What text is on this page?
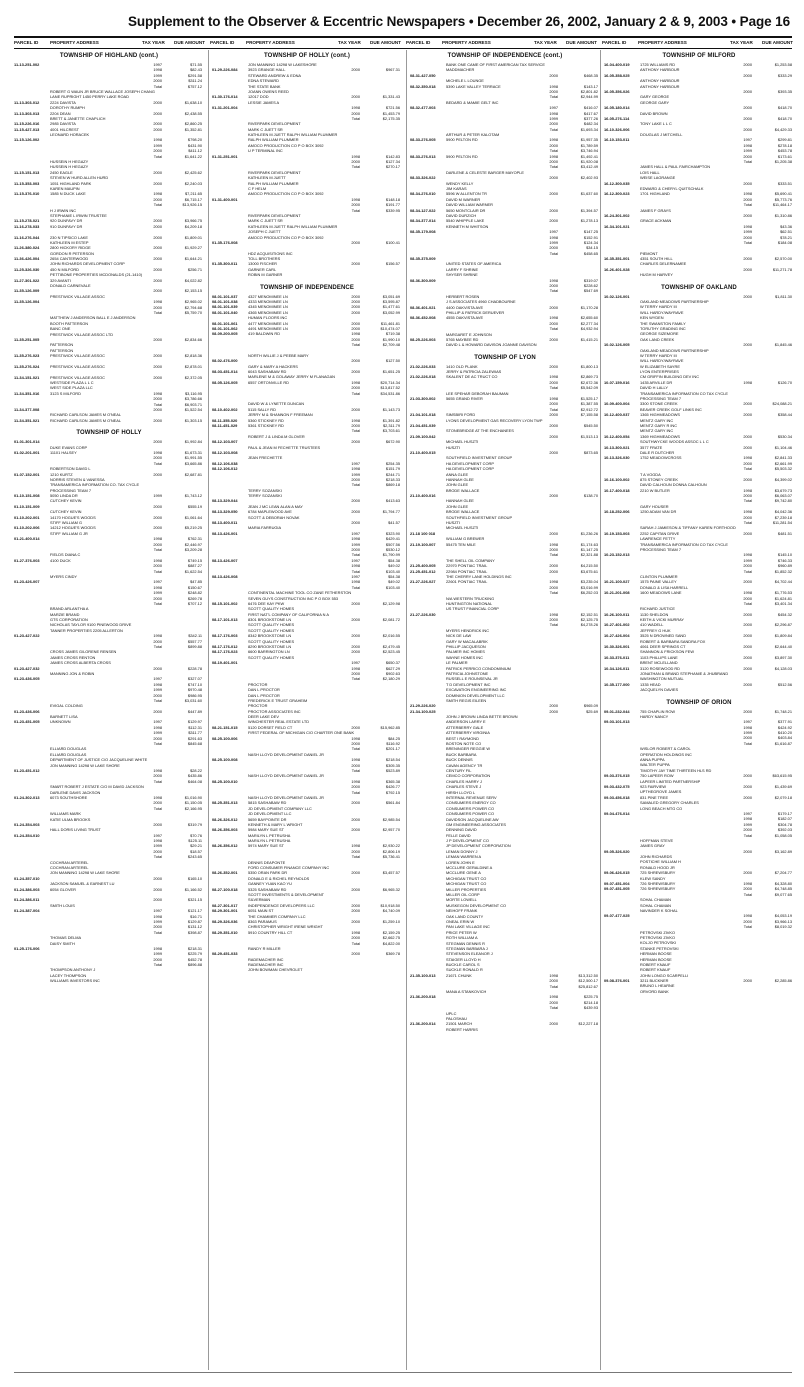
Supplement to the Observer & Eccentric Newspapers • December 26, 2002, January 2 & 9, 2003 • Page 16
PARCEL ID	PROPERTY ADDRESS	TAX YEAR DUE AMOUNT PARCEL ID	PROPERTY ADDRESS	TAX YEAR DUE AMOUNT PARCEL ID	PROPERTY ADDRESS	TAX YEAR DUE AMOUNT PARCEL ID	PROPERTY ADDRESS	TAX YEAR DUE AMOUNT
TOWNSHIP OF HIGHLAND (cont.)
11-13-251-002	1997	$71.55
1998	$82.43
1999	$291.58
2000	$311.24
Total	$757.12
ROBERT G WAUN JR BRUCE WALLACE JOSEPH CHANG
LANE RUPRIGHT 1450 PERRY LAKE ROAD
11-13-303-012	2224 DAVISTA	2000	$1,638.10
DOROTHY RUMPH
11-13-303-013	2204 DEAN	2000	$2,438.55
BRETT & JANETTE CHAPLICH
11-15-226-016	2985 DAVISTA	2000	$2,860.25
11-15-427-013	4001 HILCREST	2000	$1,352.81
LEONARD HORACEK
11-15-126-002	1998	$798.20
1999	$431.90
2000	$411.12
Total	$1,641.22
HUSSEIN H HEGAZY
HUSSEIN H HEGAZY
11-15-151-013	2450 EAGLE	2000	$2,425.62
STEVEN W HURD ALLEN HURD
11-15-353-003	1051 HIGHLAND PARK	2000	$2,240.03
KAREN MAUPIN
11-15-376-010	1585 N DUCK LAKE	1998	$7,211.65
2000	$6,715.17
Total	$13,926.15
H J IRWIN INC
STEPHANIE L IRWIN TRUSTEE
11-15-278-021	920 DUNFAVY DR	2000	$3,966.75
11-16-278-033	910 DUNFAVY DR	2000	$4,209.18
11-16-276-044	230 N TIPSICO LAKE	2000	$1,809.01
KATHLEEN M ESTEP
11-26-380-024	2800 HICKORY RIDGE	2000	$1,929.27
GORDON R PETERSON
11-36-426-004	2654 CANTERWOOD	2000	$1,644.21
JOHN RICHARDS DEVELOPMENT CORP
11-25-326-030	450 N MILFORD	2000	$256.71
PETTIBONE PROPERTIES MCDONALDS (21-1410)
11-27-301-022	329 AVANTI	2000	$4,022.82
DONALD CARNEVALE
11-35-126-009	2000	$2,153.15
PRESTWICK VILLAGE ASSOC
11-35-126-004	1998	$2,965.02
2000	$2,794.68
Total	$5,759.70
MATTHEW J ANDERSON BALL E J ANDERSON
BOOTH PATTERSON
BANC ONE
PRESTWICK VILLAGE ASSOC LTD
11-35-251-005	2000	$2,834.66
PATTERSON
PATTERSON
11-35-276-023	PRESTWICK VILLAGE ASSOC	2000	$2,818.36
11-35-276-024	PRESTWICK VILLAGE ASSOC	2000	$2,878.01
11-34-151-021	PRESTWICK VILLAGE ASSOC	2000	$2,372.05
WESTSIDE PLAZA L L C
WEST SIDE PLAZA LLC
11-34-351-016	3123 S MILFORD	1998	$3,116.95
2000	$3,786.66
Total	$6,903.71
11-34-377-008	2000	$1,522.54
RICHARD CARLSON JAMES M O'NEAL
11-34-351-021	RICHARD CARLSON JAMES M O'NEAL	2000	$1,303.15
TOWNSHIP OF HOLLY
01-01-301-014	2000	$1,992.84
DUKE EVANS CORP
01-02-201-001	11101 HALSEY	1998	$1,673.31
2000	$1,991.55
Total	$3,665.86
ROBERTSON DAVID L
01-07-152-001	1210 KURTZ	2000	$2,687.81
NORRIS STEVEN & VANESSA
TRANSAMERICA INFORMATION CO. TAX CYCLE
PROCESSING TEAM 7
01-10-151-008	5050 LINDA DR	1999	$1,743.12
CUTCHEY KEVIN
01-10-151-009	2000	$555.19
CUTCHEY KEVIN
01-10-202-001	14170 HOGUE'S WOODS	2000	$1,061.64
STIFF WILLIAM G
01-10-202-006	14212 HOGUE'S WOODS	2000	$5,219.25
STIFF WILLIAM G JR
01-21-400-014	1998	$762.31
2000	$2,446.97
Total	$3,209.28
FIELDS DIANA C
01-27-376-003	4100 DUCK	1998	$749.15
2000	$887.27
Total	$1,622.54
MYERS CINDY
01-23-426-007	1997	$47.85
1998	$150.67
1999	$248.82
2000	$269.78
Total	$707.12
BRAND ARLANTHA A
MARZIE BRAND
GTS CORPORATION
NICHOLAS TAYLOR 9100 PINEWOOD DRIVE
TANNER PROPERTIES 2205 ALLERTON
01-23-427-022	1998	$342.11
2000	$557.77
Total	$899.88
CROSS JAMES G/LORENE RENSEN
JAMES CROSS RENTON
JAMES CROSS ALBERTA CROSS
01-23-427-032	2000	$228.78
MANNING JON & ROBIN
01-23-436-005	1997	$327.07
1998	$747.10
1999	$970.48
2000	$986.95
Total	$3,031.60
EVIGAL COLDING
01-23-436-006	2000	$447.89
BARNETT LISA
01-23-451-005	UNKNOWN	1997	$129.97
1998	$112.31
1999	$311.77
2000	$291.63
Total	$845.68
ELLIARD DOUGLAS
ELLIARD DOUGLAS
DEPARTMENT OF JUSTICE C/O JACQUELINE WHITE
JON MANNING 14298 W LAKE SHORE
01-23-451-012	1998	$28.22
2000	$435.86
Total	$464.08
SMART ROBERT J ESTATE C/O M DAVID JACKSON
DARLENE DAVIS JACKSON
01-24-302-013	6073 SOUTHSHORE	1998	$1,016.90
2000	$1,150.05
Total	$2,166.95
WILLIAMS MARK
KATIE ULMA BROOKS
01-24-354-003	2000	$319.79
HALL DORIS LIVING TRUST
01-24-354-010	1997	$70.76
1998	$125.11
1999	$29.21
2000	$18.57
Total	$243.65
COCHRAN ARTEREL
COCHRAN ARTEREL
JON MANNING 14298 W LAKE SHORE
01-24-357-010	2000	$165.10
JACKSON SAMUEL & EARNEST LU
01-24-386-003	6054 GLOVER	2000	$1,166.52
01-24-386-011	2000	$321.15
SMITH LOUIS
01-24-387-004	1997	$121.17
1998	$16.71
1999	$129.87
2000	$131.12
Total	$398.87
THOMAS DELMA
DAISY SMITH
01-25-176-006	1998	$218.31
1999	$225.79
2000	$452.78
Total	$896.88
THOMPSON ANTHONY J
LACEY THOMPSON
WILLIAMS INVESTORS INC
TOWNSHIP OF HOLLY (cont.)
JON MANNING 14298 W LAKESHORE
01-29-226-084	3923 GRANGE HALL	2000	$967.31
STEWARD ANDREW & EDNA
EDNA STEWARD
THE STATE BANK
JOANN OWENS REED
01-30-176-014	12017 DOD	2000	$1,331.43
LESSIE JAMES A
01-31-201-004	1998	$721.56
2000	$1,453.79
Total	$2,175.35
RIVERPARK DEVELOPMENT
MARK C JUETT SR
KATHLEEN M JUETT RALPH WILLIAM PLUMMER
RALPH WILLIAM PLUMMER
AMOCO PRODUCTION CO P O BOX 3092
U P TERMINAL INC
01-31-251-001	1998	$142.83
2000	$127.34
Total	$270.17
RIVERPARK DEVELOPMENT
KATHLEEN M JUETT
RALPH WILLIAM PLUMMER
C F HELM
AMOCO PRODUCTION CO P O BOX 3092
01-31-400-001	1998	$148.18
2000	$191.77
Total	$339.95
RIVERPARK DEVELOPMENT
MARK C JUETT SR
KATHLEEN M JUETT RALPH WILLIAM PLUMMER
JOSEPH C JUETT
AMOCO PRODUCTION CO P O BOX 3092
01-35-176-008	2000	$100.41
HDZ ACQUISITIONS INC
TOLL BROTHERS
01-35-300-011	13000 FISCHER	2000	$156.57
GARNER CARL
ROBIN M GARNER
TOWNSHIP OF INDEPENDENCE
08-01-101-037	4327 MENOMINEE LN	2000	$3,051.69
08-01-101-038	4333 MENOMINEE LN	2000	$3,595.87
08-01-101-039	4345 MENOMINEE LN	2000	$1,477.61
08-01-101-040	4365 MENOMINEE LN	2000	$3,052.99
HUMAN FLOORS INC
08-01-101-061	4477 MENOMINEE LN	2000	$11,461.81
08-01-101-062	4491 MENOMINEE LN	2000	$10,474.07
08-09-200-005	419 BALDWIN RD	1998	$719.38
2000	$1,990.10
Total	$2,709.48
NORTH WILLIE J & PEEBE MARY
08-02-476-000	2000	$127.50
GARY & MARY A HACKERS
08-03-451-014	6043 SASHABAW RD	2000	$1,651.25
MARLENE M & GOLAWAY JERRY M FLANAGAN
08-05-126-005	6557 ORTONVILLE RD	1998	$20,714.34
2000	$13,817.52
Total	$34,531.86
DAVID W & LYNETTE DUNCAN
08-10-402-002	5115 SALLY RD	2000	$1,143.73
JERRY M & SHANNON F FREEMAN
08-11-355-020	5360 STICKNEY RD	1998	$1,391.82
08-11-451-029	5361 STICKNEY RD	2000	$2,311.79
Total	$3,703.61
ROBERT J & LINDA M GLOVER
08-12-103-007	2000	$672.90
PAUL & JEAN M FECHETTE TRUSTEES
08-12-103-008
JEAN FRECHETTE
08-12-106-038	1997	$254.35
08-12-106-012	1998	$151.79
1999	$244.71
2000	$218.33
Total	$869.18
TERRY SOZANSKI
TERRY SOZANSKI
08-13-329-044	2000	$413.63
JEAN J MC LEAN ALAN A MAY
08-13-329-050	6784 MAPLEWOOD AVE	2000	$1,794.77
SCOTT & DEBORAH NOVAK
08-13-400-011	2000	$41.57
MARIA FARRUGIA
08-13-426-001	1997	$323.90
1998	$429.41
1999	$507.56
2000	$530.12
Total	$1,790.99
08-13-426-007	1997	$54.38
1998	$49.02
Total	$103.40
08-13-426-008	1997	$54.38
1998	$49.02
Total	$103.40
CONTINENTAL MACHINE TOOL CO ZANE FETHERSTON
SEVEN GUYS CONSTRUCTION INC P O BOX 553
08-15-101-002	6476 DEE KAY PKW	2000	$2,129.98
SCOTT QUALITY HOMES
FIRST NAT'L COMPANY OF CALIFORNIA N A
08-17-101-013	8301 BROOKSTONE LN	2000	$2,081.72
SCOTT QUALITY HOMES
SCOTT QUALITY HOMES
08-17-176-003	8342 BROOKSTONE LN	2000	$2,016.55
SCOTT QUALITY HOMES
08-17-176-012	8290 BROOKSTONE LN	2000	$2,479.45
08-17-176-023	6600 BARRINGTON LN	2000	$2,523.45
SCOTT QUALITY HOMES
08-19-401-001	1997	$650.37
1998	$627.29
2000	$902.63
Total	$2,180.29
PROCTOR
DAN L PROCTOR
DAN L PROCTOR
FREDERICK E TRUST GRAHEIM
PROCTOR
PROCTOR ASSOCIATES INC
DEER LAKE DEV
WINCHESTER REAL ESTATE LTD
08-21-151-015	5120 DORSET FIELD CT	2000	$15,962.85
FIRST FEDERAL OF MICHIGAN C/O CHARTER ONE BANK
08-25-100-006	1998	$84.25
2000	$116.92
Total	$201.17
NASH LLOYD DEVELOPMENT DANIEL JR
08-25-100-008	1998	$218.54
2000	$305.35
Total	$523.89
NASH LLOYD DEVELOPMENT DANIEL JR
08-25-100-010	1998	$365.38
2000	$426.77
Total	$792.15
NASH LLOYD DEVELOPMENT DANIEL JR
08-25-351-013	5815 SASHABAW RD	2000	$561.84
JD DEVELOPMENT COMPANY LLC
JD DEVELOPMENT LLC
08-26-326-012	5659 BAYPOINTE DR	2000	$2,985.54
KENNETH & MARY L WRIGHT
08-26-356-003	5984 MARY SUE ST	2000	$2,957.70
MARILYN L PETRUSHA
MARILYN L PETRUSHA
08-26-356-012	5974 MARY SUE ST	1998	$2,930.22
2000	$2,806.19
Total	$5,736.41
DENNIS DEAPONTE
FORD CONSUMER FINANCE COMPANY INC
08-26-352-001	5350 ORAN PARK DR	2000	$3,457.57
DONALD E & RICHEL REYNOLDS
GANNEY YUAN KAO YU
08-27-100-018	5325 SASHABAW RD	2000	$6,965.32
SCOTT INVESTMENTS & DEVELOPMENT
SILVERMAN
08-27-301-017	INDEPENDENCE DEVELOPERS LLC	2000	$10,918.50
08-29-301-001	6051 MAIN ST	2000	$4,740.09
THE CHAMMER COMPANY LLC
08-29-326-036	8363 PARAMUS	2000	$1,259.10
CHRISTOPHER WRIGHT IRENE WRIGHT
08-29-351-010	5910 COUNTRY HILL CT	1998	$2,159.25
2000	$2,662.75
Total	$4,822.00
RANDY R MILLER
08-29-451-033	2000	$369.78
RADEMACHER INC
RADEMACHER INC
JOHN BOWMAN CHEVROLET
TOWNSHIP OF INDEPENDENCE (cont.)
BANK ONE CAME OF FIRST AMERICAN TAX SERVICE
MADDMACHER
08-31-427-050	2000	$468.35
MICHELE L LOUNGE
08-32-350-018	5390 LAKE VALLEY TERRACE	1998	$143.17
2000	$2,801.82
Total	$2,944.99
BEDARD & MAMIE GELT INC
08-32-477-003	1997	$416.07
1998	$417.67
1999	$377.26
2000	$482.34
Total	$1,693.34
ARTHUR & PETER KALOTAM
08-33-276-005	5900 PELTON RD	1998	$1,957.35
2000	$1,789.59
Total	$3,746.94
08-33-276-013	5900 PELTON RD	1998	$1,492.41
2000	$1,920.08
Total	$3,412.49
DARLENE & CELESTE BARGER MAYOPLE
08-33-326-022	2000	$2,402.93
WENDY KELLY
JIM KARAS
08-34-276-010	5596 W ALLENTON TR	2000	$1,637.60
DAVID M WARNER
DAVID WILLIAM WARNER
08-34-127-022	5650 MONTCLAIR DR	2000	$1,394.57
DAVID DURZICH
08-34-377-014	5540 WHIPPLE LAKE	2000	$1,278.13
KENNETH M WHITSON
08-35-179-008	1997	$147.25
1998	$152.91
1999	$124.34
2000	$34.15
Total	$458.65
08-35-375-009
UNITED STATES OF AMERICA
LARRY F SHRINE
SHYSER SHRINE
08-36-300-009	1998	$319.07
2000	$228.62
Total	$547.69
HERBERT ROSEN
J S ASSOCIATES 4960 CHADBOURNE
08-36-401-021	4400 OAKVISTA AVE	2000	$1,170.28
PHILLIP & PATRICK DERUEVER
08-36-452-008	4555 OAKVISTA AVE	1998	$2,655.60
2000	$2,277.34
Total	$4,932.94
MARGARET E JOHNSON
08-25-226-003	5765 MAYBEE RD	2000	$1,415.21
DAVID L & HOWARD DAVISON JOANNE DAVISON
TOWNSHIP OF LYON
21-02-226-033	1410 OLD PLANK	2000	$1,800.13
JERRY & PATRICIA ZALEWIAS
21-02-226-018	SKALENT DE AC TRUCT CO	1998	$2,869.73
2000	$2,672.36
Total	$5,542.09
LEE SPEHAR DEBORAH BAUMAN
21-03-300-002	5655 GRAND RIVER	1998	$1,525.17
2000	$1,387.55
Total	$2,912.72
21-04-101-018	SIMSBIRI FORD	2000	$7,155.58
LYONS DEVELOPMENT GAS RECOVERY LYON TWP
21-04-451-039	2000	$545.50
STONEBRIDGE AT THE ENCHANEES
21-09-100-042	2000	$1,513.13
MICHAEL HUSZTI
HUSZTI
21-10-400-015	2000	$873.65
SOUTHFIELD INVESTMENT GROUP
HA DEVELOPMENT CORP
HA DEVELOPMENT CORP
ANNA GLEE
HANNAH GLEE
JOHN GLEE
BRODE WALLACE
21-10-400-016	2000	$138.70
HANNAH GLEE
JOHN GLEE
BRODE WALLACE
SOUTHFIELD INVESTMENT GROUP
HUSZTI
MICHAEL HUSZTI
21-18 100 018	2000	$1,236.26
WILLIAM G BREWER
21-19-100-007	55475 TEN MILE	1998	$1,174.63
2000	$1,147.25
Total	$2,321.88
THE SHELL OIL COMPANY
21-25-400-005	22970 PONTIAC TRAIL	2000	$4,215.50
21-25-451-012	22984 PONTIAC TRAIL	2000	$3,675.61
THE CHERRY LANE HOLDINGS INC
21-27-226-027	22601 PONTIAC TRAIL	1998	$3,235.04
2000	$3,016.99
Total	$6,252.03
N/A WESTERN TRUCKING
HUNTINGTON NATIONAL
US TRUST FINANCIAL CORP
21-27-226-030	1998	$2,152.51
2000	$2,125.75
Total	$4,278.26
MYERS HENDRICK INC
NICK DE LAW
GARY W MACALABRIK
PHILLIP JACQUESON
PALMER INC HOMES
WAYNE HOMES INC
LE PALMER
PATRICK PERRICO CONDOMINIUM
PATRICIA JOHNSTONE
RUSSELL E ROUNSEVAL JR
T D DEVELOPMENT INC
EXCAVATION ENGINEERING INC
DOMINION DEVELOPMENT LLC
SMITH REGIS EILEEN
21-29-226-020	2000	$965.09
21-34-100-025	2000	$25.69
JOHN J BROWN LINDA BETTE BROWN
ANDERSON LARRY E
ATTERBERRY GALE
ATTERBERRY VIRGINIA
BEST I RAYMOND
BOSTON NOTE CO
BRENINGER REGGIE W
BUCK BARBARA
BUCK DENNIS
CAVAN AGENCY TR
CENTURY FIL
CEMCO CORPORATION
CHARLES HARRY J
CHARLES STEVE J
HIRSH LLOYD L
INTERNAL REVENUE SERV
CONSUMERS ENERGY CO
CONSUMERS POWER CO
CONSUMERS POWER CO
DAVIDSON JACQUELINE AW
GM ENGINEERING ASSOCIATES
DENNING DAVID
FELLE DAVID
J P DEVELOPMENT CO
JP DEVELOPMENT CORPORATION
LEMAN DONNY J
LEMAN WARREN A
LOREN JOHN E
MCCLURE GERALDINE A
MCCLURE GENE A
MICHIGAN TRUST CO
MICHIGAN TRUST CO
MILLER PROPERTIES
MILLER OIL CORP
MORTE LOWELL
MUSKEGON DEVELOPMENT CO
NEIHOFF FRANK
OAK LAND COUNTY
ONEAL ERIN W
PAN LAKE VILLAGE INC
PRICE PETER W
ROTH WILLIAM A
STEGMAN DENNIS R
STEGMAN BARBARA J
STEVENSON ELEANOR J
STAIGER LLOYD H
BUCKLE CAROL S
SUCKLE RONALD R
21-35-100-013	21671 CHUNK	1998	$13,312.50
2000	$12,500.17
Total	$25,812.67
MANA A STANKOVICH
21-36-200-018	1998	$225.75
2000	$214.18
Total	$439.93
UPLC
PALOSHAU
21-36-200-014	21501 MARCH	2000	$12,227.18
ROBERT HARRIS
TOWNSHIP OF MILFORD
16-04-400-019	1725 WILLIAMS RD	2000	$1,253.58
ANTHONY HARBOUR
16-05-358-025	2000	$333.29
ANTHONY HARBOUR
ANTHONY HARBOUR
16-05-356-026	2000	$393.35
GARY GEORGE
GEORGE GARY
16-05-180-014	2000	$418.70
DAVID BROWN
16-05-276-114	2000	$418.70
TONY LAKE L L C
16-10-326-006	2000	$4,429.33
DOUGLAS J MITCHELL
16-10-153-011	1997	$299.81
1998	$278.18
1999	$453.78
2000	$173.61
Total	$1,205.38
JAMES HALL & PAUL FAIRCHAMPTON
LOIS HALL
WEISE LAGRANGE
16-12-300-035	2000	$333.51
EDWARD & CHERYL QUITSCHALK
16-12-300-023	1701 HIGHLAND	1998	$5,690.41
2000	$5,773.76
Total	$11,464.17
JAMES F GRAYS
16-24-301-002	2000	$1,310.86
GRACE ACKMAN
16-34-101-021	1998	$43.36
1999	$62.51
2000	$78.21
Total	$184.08
PIEMONT
16-35-351-001	4351 SOUTH HILL	2000	$2,570.00
CHARLES DELERNAMEE
16-26-401-028	2000	$11,271.78
HUGH M HARVEY
TOWNSHIP OF OAKLAND
10-02-126-001	2000	$1,811.30
OAKLAND MEADOWS PARTNERSHIP
W TERRY HARDY III
WILL HARDY/WAYRAVE
KEN WYDEN
THE SWANSTON FAMILY
TORUTHY GRADING INC
GEORGE SIZEMORE
OAK LAND CREEK
10-02-126-005	2000	$1,845.46
OAKLAND MEADOWS PARTNERSHIP
W TERRY HARDY III
WILL HARDY/WAYRAVE
W ELIZABETH SAYRE
LYON ENTERPRISES
CM GRIFFIN BUILDING DEV INC
10-07-159-016	1435 ARVILLE DR	1998	$126.70
DAVID H LALLY
TRANSAMERICA INFORMATION CO TAX CYCLE
PROCESSING TEAM 7
10-09-400-004	3300 STONE CREEK	2000	$24,088.21
BEAVER CREEK GOLF LINKS INC
10-12-400-037	1365 HIGHMEADOWS	2000	$358.44
MENTZ GARY INC
MENTZ GARY R INC
MENTZ GARY INC
10-12-400-054	1369 HIGHMEADOWS	2000	$530.34
SOUTHWYCKE WOODS ASSOC L L C
10-13-300-021	3577 FRATE	2000	$1,104.46
DALE R DUTCHER
10-13-326-030	1752 MEADOWCROSS	1998	$2,841.33
2000	$2,661.99
Total	$5,503.32
T A VOGDA
10-16-100-002	875 STONEY CREEK	2000	$4,399.02
DAVID CALHOUN DONNA CALHOUN
10-17-400-018	2210 W BUTLER	1998	$3,679.73
2000	$6,063.07
Total	$9,742.80
GARY HOUSER
10-18-252-006	1250 ADAM VAN DR	1998	$4,042.36
2000	$7,239.18
Total	$11,281.54
SARAH J JAMIESON & TIFFANY KAREN FORTHOOD
10-19-153-003	2252 CAPITAN DRIVE	2000	$481.51
LAWRENCE FETTY
TRANSAMERICA INFORMATION CO TAX CYCLE
PROCESSING TEAM 7
10-23-152-013	1998	$145.10
1999	$746.33
2000	$960.89
Total	$1,852.32
CLINTON PLUMMER
10-21-100-027	1575 PAINE VALLEY	2000	$4,702.44
DONALD & LISA HARRELL
10-21-201-008	1600 MEADOWS LANE	1998	$1,776.53
2000	$1,624.81
Total	$3,401.34
RICHARD JUSTICE
10-26-100-011	1130 SHELDON	2000	$454.32
KEITH & VICKI MURRAY
10-27-401-002	410 WADELL	2000	$2,296.87
JEFFREY G HUK
10-27-426-004	3525 N DROWNED SAND	2000	$1,809.84
ROBERT & BARBARA SANDRA FOX
10-30-326-001	4061 DEER SPRINGS CT	2000	$2,644.40
SHANNON & FRICKSON FEW
10-33-376-011	1103 PHILLIPS LANE	2000	$3,897.30
BRENT MCLELLAND
10-34-126-011	3120 ROSEWOOD RD	2000	$4,128.03
JONATHAN & BRAND STEPHANIE & JHUBRAND
WASHINGTON MUTUAL
10-35-177-000	1335 HEAD	2000	$512.56
JACQUELYN DAVIES
TOWNSHIP OF ORION
09-01-232-044	755 CHAPLIN ROW	2000	$1,748.21
HARDY NANCY
09-03-101-013	1997	$377.91
1998	$424.92
1999	$410.20
2000	$403.84
Total	$1,616.87
WISLOR ROBERT & CAROL
OPERATION HOLDINGS INC
ANNA PUPPA
WALTER PUPPA
TIMOTHY JAY TIME THIRTEEN HLS RD
09-03-376-015	750 LAPEER ROW	2000	$63,615.95
LAPEER LIMITED PARTNERSHIP
09-03-432-075	923 FAIRVIEW	2000	$1,439.69
UPTHEGROVE JAMES
09-03-456-018	831 PINE TREE	2000	$2,079.18
SAMALED GREGORY CHARLES
LONG BEACH MTG CO
09-04-476-014	1997	$179.17
1998	$182.07
1999	$304.78
2000	$392.03
Total	$1,058.05
HOFFMAN STEVE
JAMES GRAY
09-05-326-020	2000	$3,162.89
JOHN RICHARDS
POSTICHE WILLIAM H
RONALD HOOD JR
09-06-426-015	725 SHREWSBURY	2000	$7,204.77
KLEW SANDY
09-07-451-004	726 SHREWSBURY	1998	$4,328.80
09-07-451-005	726 SHREWSBURY	2000	$4,748.85
Total	$9,077.65
SOHAL CHAMAN
SOHAL CHAMAN
NAVINDER K SOHAL
09-07-477-025	1998	$4,053.19
2000	$3,966.13
Total	$8,019.32
PETROVSKI ZIVKO
PETROVSKI ZIVKO
KOLJO PETROVSKI
STANKE PETROVSKI
HERMAN BOOSE
HERMAN BOOSE
ROBERT KNAUF
ROBERT KNAUF
JOHN LONGO SCARPELLI
09-08-376-001	3211 BUCKNER	2000	$2,285.86
BRUNO L HEARNE
ORVORD BANK
